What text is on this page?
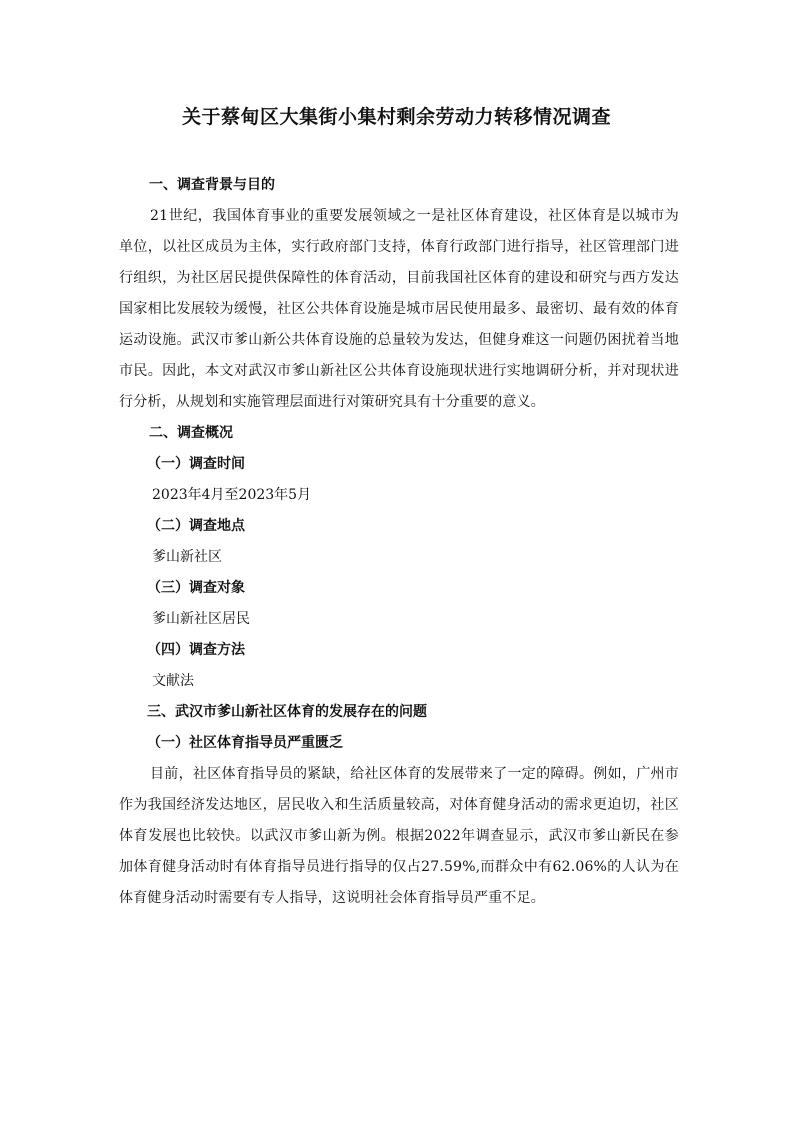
关于蔡甸区大集街小集村剩余劳动力转移情况调查

一、调查背景与目的

21世纪，我国体育事业的重要发展领域之一是社区体育建设，社区体育是以城市为单位，以社区成员为主体，实行政府部门支持，体育行政部门进行指导，社区管理部门进行组织，为社区居民提供保障性的体育活动，目前我国社区体育的建设和研究与西方发达国家相比发展较为缓慢，社区公共体育设施是城市居民使用最多、最密切、最有效的体育运动设施。武汉市爹山新公共体育设施的总量较为发达，但健身难这一问题仍困扰着当地市民。因此，本文对武汉市爹山新社区公共体育设施现状进行实地调研分析，并对现状进行分析，从规划和实施管理层面进行对策研究具有十分重要的意义。

二、调查概况

（一）调查时间

2023年4月至2023年5月

（二）调查地点

爹山新社区

（三）调查对象

爹山新社区居民

（四）调查方法

文献法

三、武汉市爹山新社区体育的发展存在的问题

（一）社区体育指导员严重匮乏

目前，社区体育指导员的紧缺，给社区体育的发展带来了一定的障碍。例如，广州市作为我国经济发达地区，居民收入和生活质量较高，对体育健身活动的需求更迫切，社区体育发展也比较快。以武汉市爹山新为例。根据2022年调查显示，武汉市爹山新民在参加体育健身活动时有体育指导员进行指导的仅占27.59%,而群众中有62.06%的人认为在体育健身活动时需要有专人指导，这说明社会体育指导员严重不足。
